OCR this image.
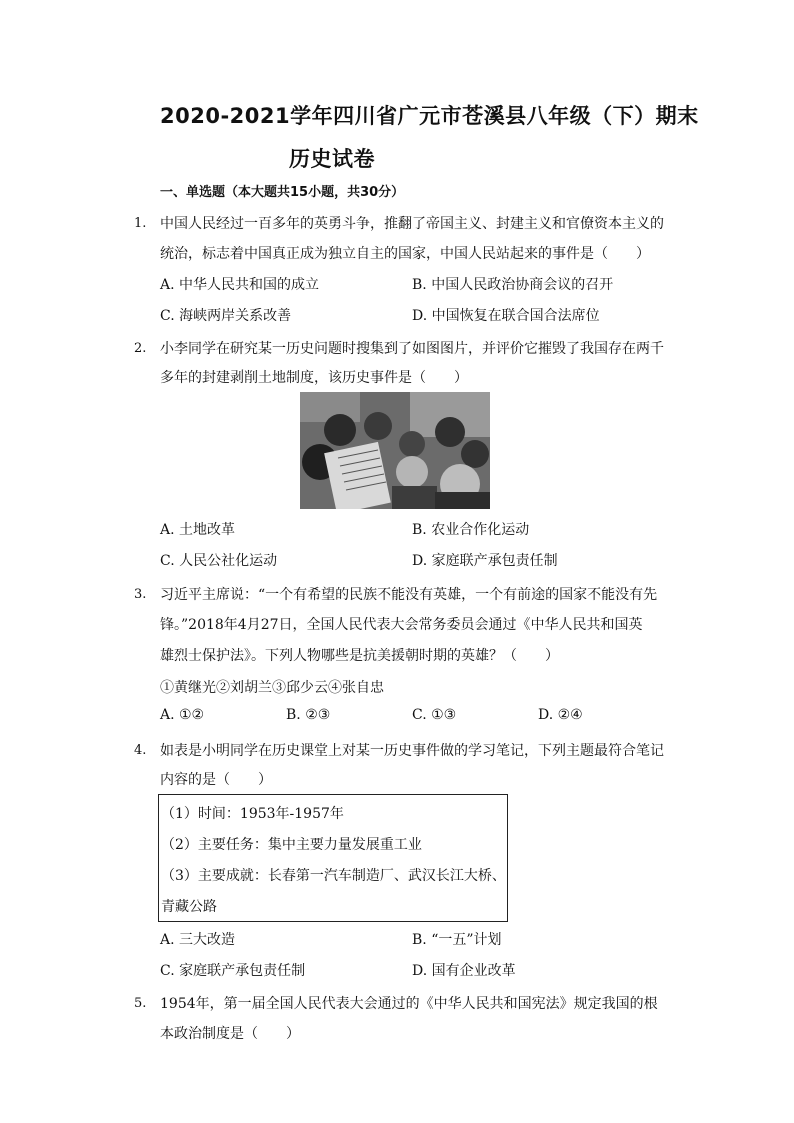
2020-2021学年四川省广元市苍溪县八年级（下）期末
历史试卷
一、单选题（本大题共15小题，共30分）
1. 中国人民经过一百多年的英勇斗争，推翻了帝国主义、封建主义和官僚资本主义的
统治，标志着中国真正成为独立自主的国家，中国人民站起来的事件是（　　）
A. 中华人民共和国的成立	B. 中国人民政治协商会议的召开
C. 海峡两岸关系改善	D. 中国恢复在联合国合法席位
2. 小李同学在研究某一历史问题时搜集到了如图图片，并评价它摧毁了我国存在两千
多年的封建剥削土地制度，该历史事件是（　　）
A. 土地改革	B. 农业合作化运动
C. 人民公社化运动	D. 家庭联产承包责任制
3. 习近平主席说：“一个有希望的民族不能没有英雄，一个有前途的国家不能没有先
锋。”2018年4月27日，全国人民代表大会常务委员会通过《中华人民共和国英
雄烈士保护法》。下列人物哪些是抗美援朝时期的英雄？（　　）
①黄继光②刘胡兰③邱少云④张自忠
A. ①②	B. ②③	C. ①③	D. ②④
4. 如表是小明同学在历史课堂上对某一历史事件做的学习笔记，下列主题最符合笔记
内容的是（　　）
（1）时间：1953年-1957年
（2）主要任务：集中主要力量发展重工业
（3）主要成就：长春第一汽车制造厂、武汉长江大桥、
青藏公路
A. 三大改造	B. “一五”计划
C. 家庭联产承包责任制	D. 国有企业改革
5. 1954年，第一届全国人民代表大会通过的《中华人民共和国宪法》规定我国的根
本政治制度是（　　）
